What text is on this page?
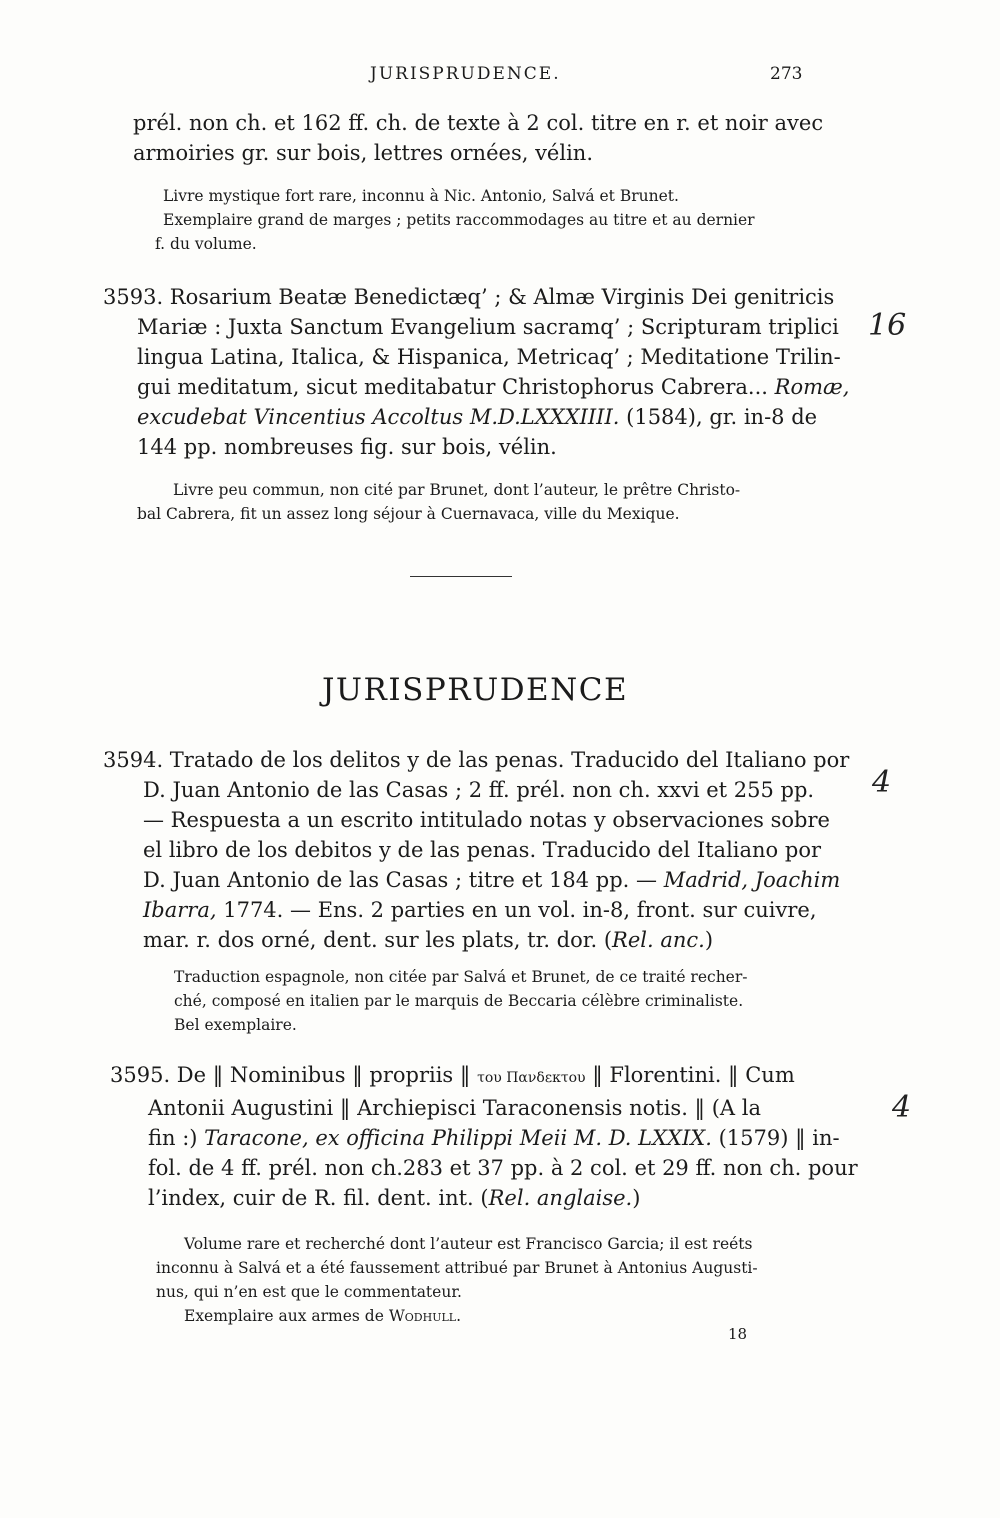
JURISPRUDENCE.	273
prél. non ch. et 162 ff. ch. de texte à 2 col. titre en r. et noir avec
armoiries gr. sur bois, lettres ornées, vélin.
Livre mystique fort rare, inconnu à Nic. Antonio, Salvá et Brunet.
Exemplaire grand de marges ; petits raccommodages au titre et au dernier
f. du volume.
3593. Rosarium Beatæ Benedictæq’ ; & Almæ Virginis Dei genitricis
Mariæ : Juxta Sanctum Evangelium sacramq’ ; Scripturam triplici
lingua Latina, Italica, & Hispanica, Metricaq’ ; Meditatione Trilin-
gui meditatum, sicut meditabatur Christophorus Cabrera... Romæ,
excudebat Vincentius Accoltus M.D.LXXXIIII. (1584), gr. in-8 de
144 pp. nombreuses fig. sur bois, vélin.
Livre peu commun, non cité par Brunet, dont l’auteur, le prêtre Christo-
bal Cabrera, fit un assez long séjour à Cuernavaca, ville du Mexique.
16
JURISPRUDENCE
3594. Tratado de los delitos y de las penas. Traducido del Italiano por
D. Juan Antonio de las Casas ; 2 ff. prél. non ch. xxvi et 255 pp.
— Respuesta a un escrito intitulado notas y observaciones sobre
el libro de los debitos y de las penas. Traducido del Italiano por
D. Juan Antonio de las Casas ; titre et 184 pp. — Madrid, Joachim
Ibarra, 1774. — Ens. 2 parties en un vol. in-8, front. sur cuivre,
mar. r. dos orné, dent. sur les plats, tr. dor. (Rel. anc.)
Traduction espagnole, non citée par Salvá et Brunet, de ce traité recher-
ché, composé en italien par le marquis de Beccaria célèbre criminaliste.
Bel exemplaire.
4
3595. De ‖ Nominibus ‖ propriis ‖ του Πανδεκτου ‖ Florentini. ‖ Cum
Antonii Augustini ‖ Archiepisci Taraconensis notis. ‖ (A la
fin :) Taracone, ex officina Philippi Meii M. D. LXXIX. (1579) ‖ in-
fol. de 4 ff. prél. non ch.283 et 37 pp. à 2 col. et 29 ff. non ch. pour
l’index, cuir de R. fil. dent. int. (Rel. anglaise.)
Volume rare et recherché dont l’auteur est Francisco Garcia; il est reéts
inconnu à Salvá et a été faussement attribué par Brunet à Antonius Augusti-
nus, qui n’en est que le commentateur.
Exemplaire aux armes de Wodhull.
4
18
